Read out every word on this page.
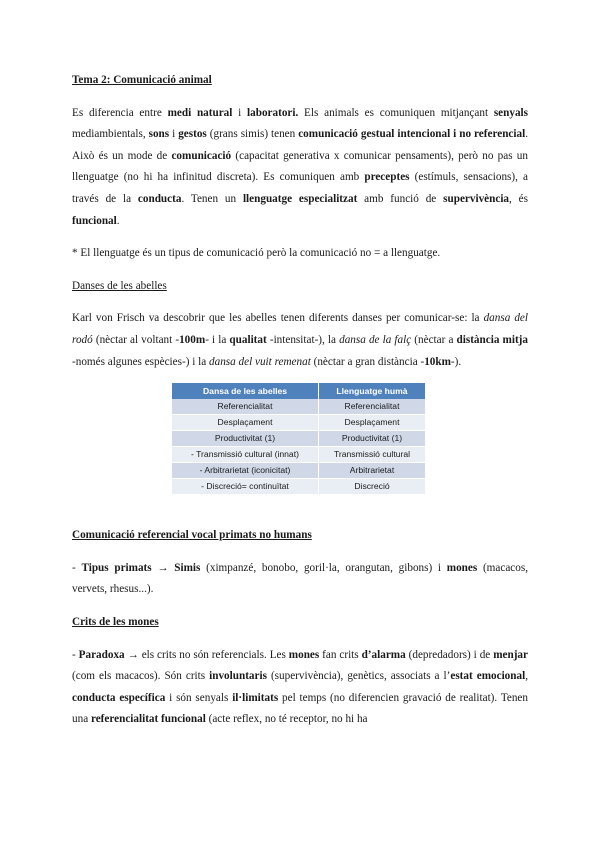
Tema 2: Comunicació animal

Es diferencia entre medi natural i laboratori. Els animals es comuniquen mitjançant senyals mediambientals, sons i gestos (grans simis) tenen comunicació gestual intencional i no referencial. Això és un mode de comunicació (capacitat generativa x comunicar pensaments), però no pas un llenguatge (no hi ha infinitud discreta). Es comuniquen amb preceptes (estímuls, sensacions), a través de la conducta. Tenen un llenguatge especialitzat amb funció de supervivència, és funcional.

* El llenguatge és un tipus de comunicació però la comunicació no = a llenguatge.

Danses de les abelles

Karl von Frisch va descobrir que les abelles tenen diferents danses per comunicar-se: la dansa del rodó (nèctar al voltant -100m- i la qualitat -intensitat-), la dansa de la falç (nèctar a distància mitja -només algunes espècies-) i la dansa del vuit remenat (nèctar a gran distància -10km-).

Dansa de les abelles	Llenguatge humà
Referencialitat	Referencialitat
Desplaçament	Desplaçament
Productivitat (1)	Productivitat (1)
- Transmissió cultural (innat)	Transmissió cultural
- Arbitrarietat (iconicitat)	Arbitrarietat
- Discreció= continuïtat	Discreció

Comunicació referencial vocal primats no humans

- Tipus primats → Simis (ximpanzé, bonobo, goril·la, orangutan, gibons) i mones (macacos, vervets, rhesus...).

Crits de les mones

- Paradoxa → els crits no són referencials. Les mones fan crits d’alarma (depredadors) i de menjar (com els macacos). Són crits involuntaris (supervivència), genètics, associats a l’estat emocional, conducta específica i són senyals il·limitats pel temps (no diferencien gravació de realitat). Tenen una referencialitat funcional (acte reflex, no té receptor, no hi ha
